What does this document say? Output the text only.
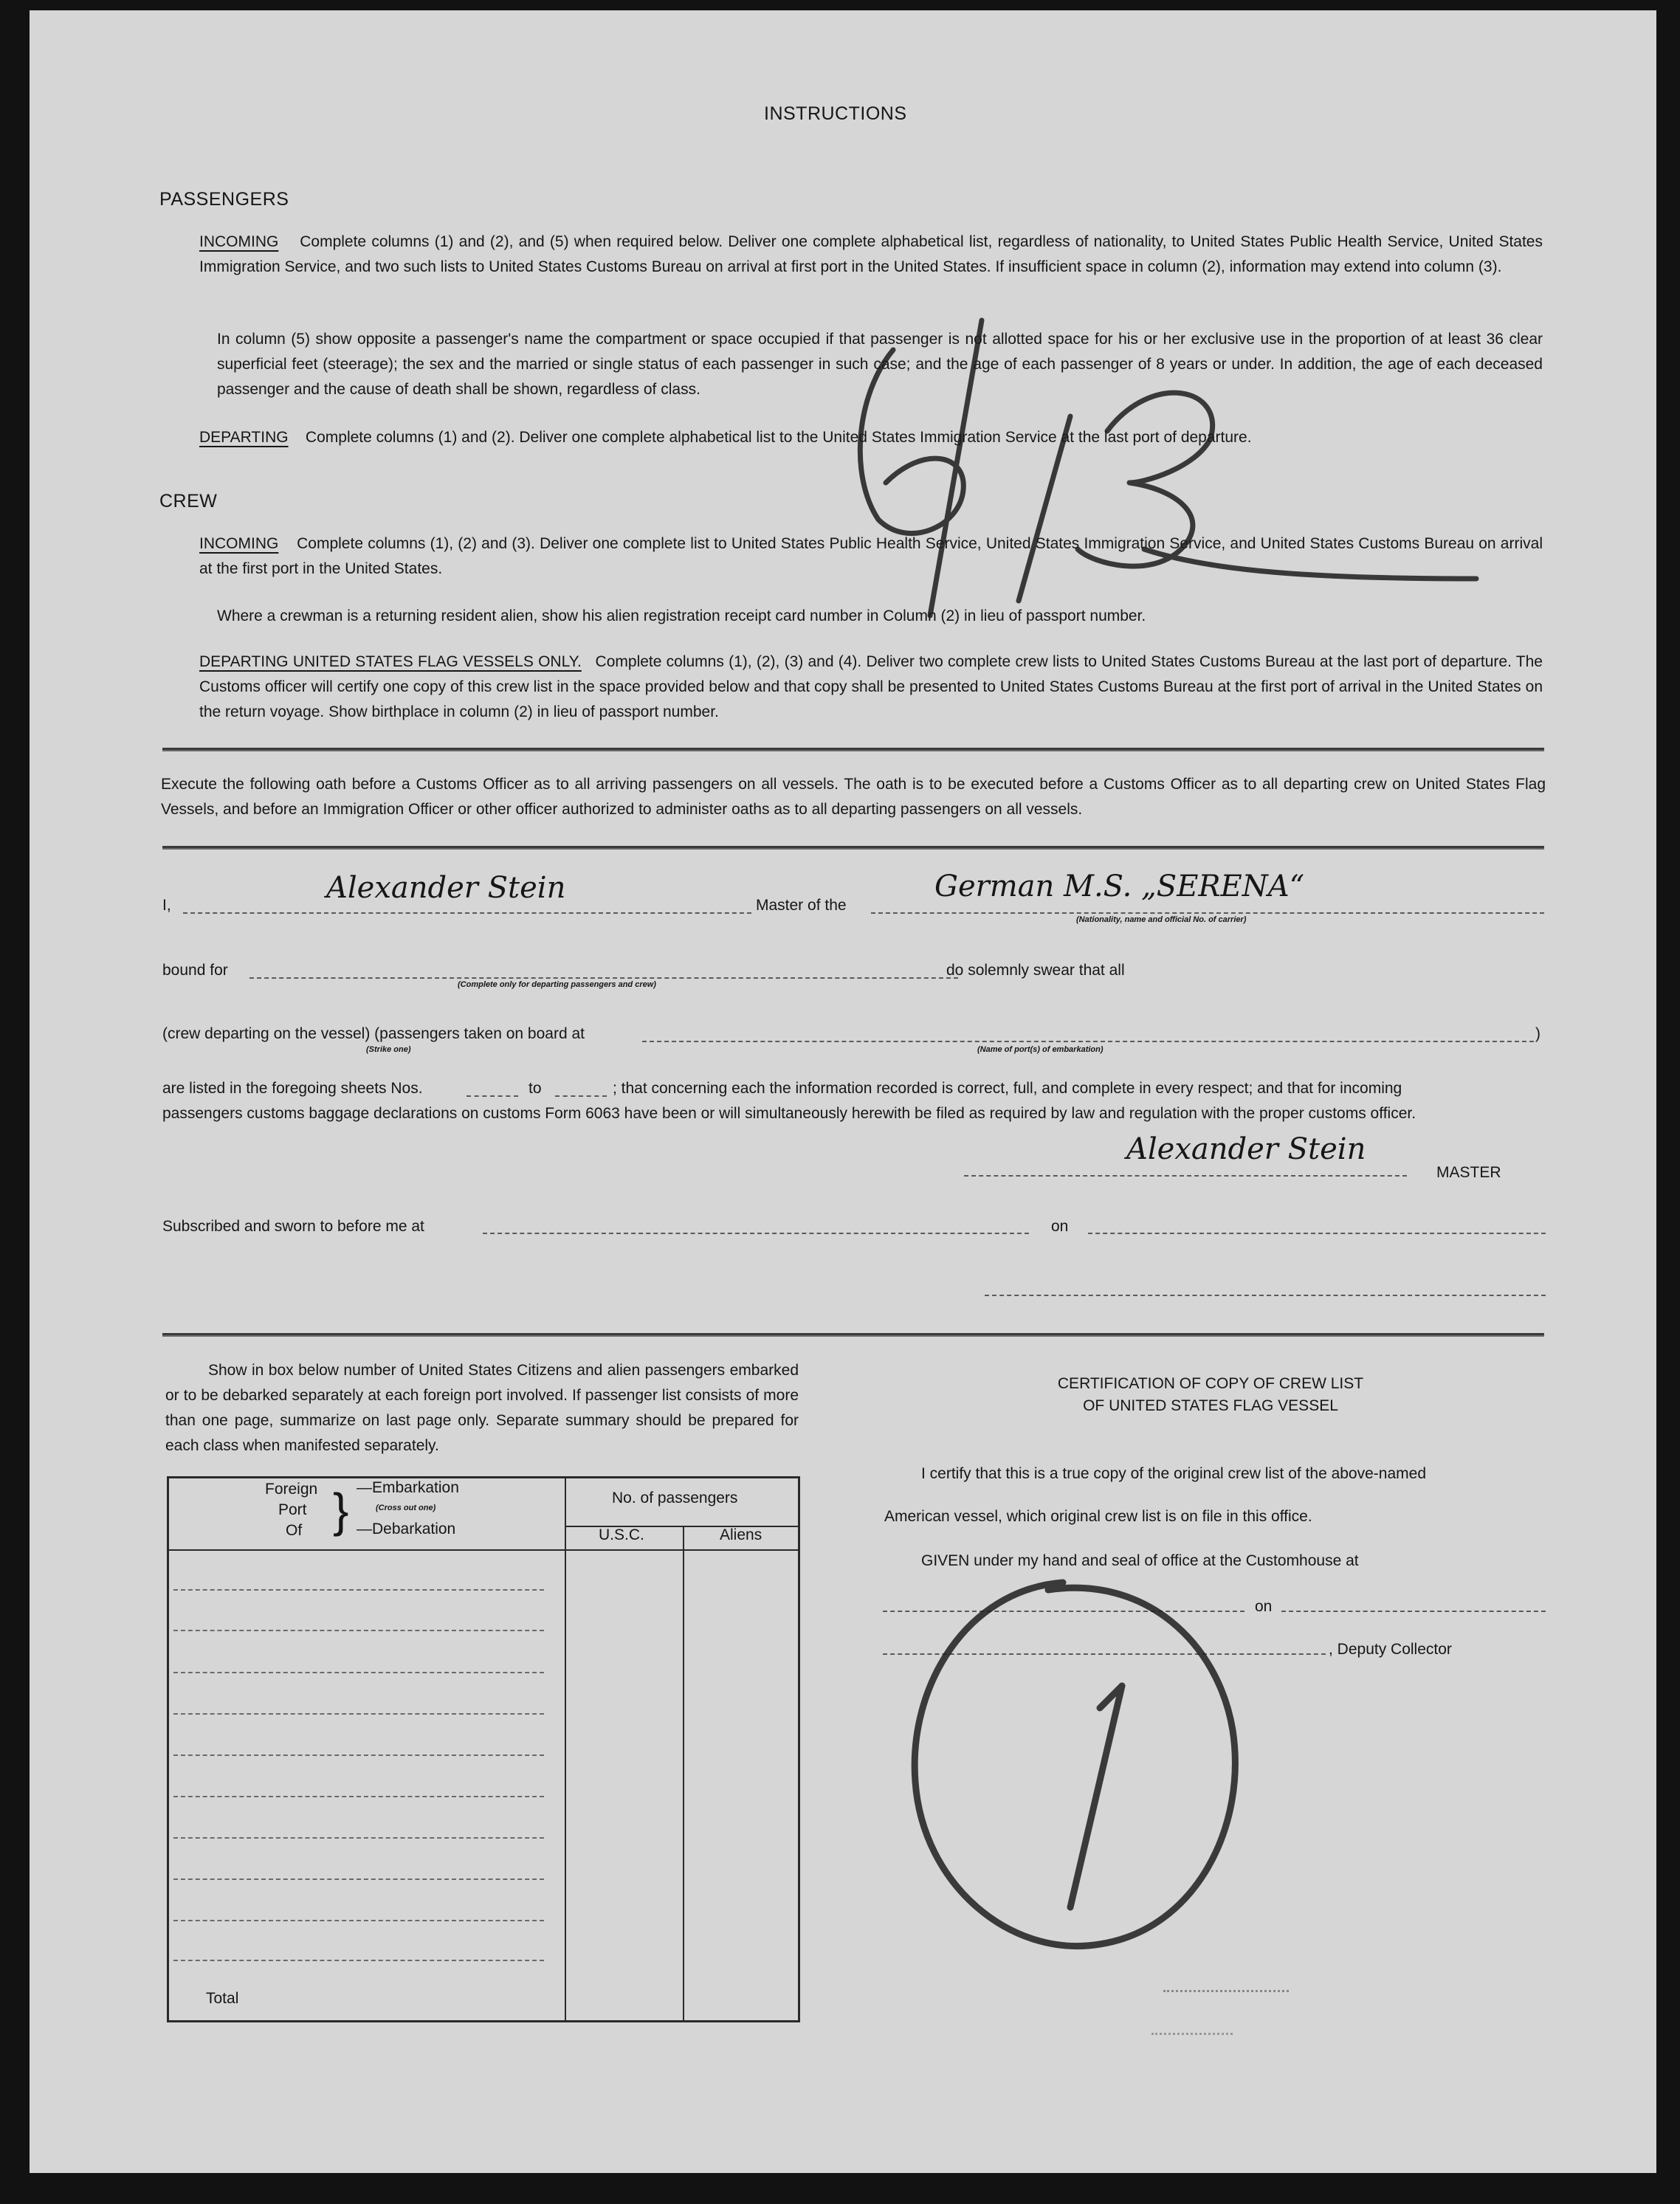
INSTRUCTIONS
PASSENGERS
INCOMING Complete columns (1) and (2), and (5) when required below. Deliver one complete alphabetical list, regardless of nationality, to United States Public Health Service, United States Immigration Service, and two such lists to United States Customs Bureau on arrival at first port in the United States. If insufficient space in column (2), information may extend into column (3).
In column (5) show opposite a passenger's name the compartment or space occupied if that passenger is not allotted space for his or her exclusive use in the proportion of at least 36 clear superficial feet (steerage); the sex and the married or single status of each passenger in such case; and the age of each passenger of 8 years or under. In addition, the age of each deceased passenger and the cause of death shall be shown, regardless of class.
DEPARTING Complete columns (1) and (2). Deliver one complete alphabetical list to the United States Immigration Service at the last port of departure.
CREW
INCOMING Complete columns (1), (2) and (3). Deliver one complete list to United States Public Health Service, United States Immigration Service, and United States Customs Bureau on arrival at the first port in the United States.
Where a crewman is a returning resident alien, show his alien registration receipt card number in Column (2) in lieu of passport number.
DEPARTING UNITED STATES FLAG VESSELS ONLY. Complete columns (1), (2), (3) and (4). Deliver two complete crew lists to United States Customs Bureau at the last port of departure. The Customs officer will certify one copy of this crew list in the space provided below and that copy shall be presented to United States Customs Bureau at the first port of arrival in the United States on the return voyage. Show birthplace in column (2) in lieu of passport number.
Execute the following oath before a Customs Officer as to all arriving passengers on all vessels. The oath is to be executed before a Customs Officer as to all departing crew on United States Flag Vessels, and before an Immigration Officer or other officer authorized to administer oaths as to all departing passengers on all vessels.
I,
Alexander Stein
Master of the
German M.S. „SERENA“
(Nationality, name and official No. of carrier)
bound for
(Complete only for departing passengers and crew)
do solemnly swear that all
(crew departing on the vessel) (passengers taken on board at	)
(Strike one)	(Name of port(s) of embarkation)
are listed in the foregoing sheets Nos.	to	; that concerning each the information recorded is correct, full, and complete in every respect; and that for incoming
passengers customs baggage declarations on customs Form 6063 have been or will simultaneously herewith be filed as required by law and regulation with the proper customs officer.
Alexander Stein
MASTER
Subscribed and sworn to before me at	on
Show in box below number of United States Citizens and alien passengers embarked or to be debarked separately at each foreign port involved. If passenger list consists of more than one page, summarize on last page only. Separate summary should be prepared for each class when manifested separately.
Foreign
Port
Of } —Embarkation
(Cross out one)
—Debarkation
No. of passengers
U.S.C.	Aliens
Total
CERTIFICATION OF COPY OF CREW LIST
OF UNITED STATES FLAG VESSEL
I certify that this is a true copy of the original crew list of the above-named
American vessel, which original crew list is on file in this office.
GIVEN under my hand and seal of office at the Customhouse at
on
, Deputy Collector
